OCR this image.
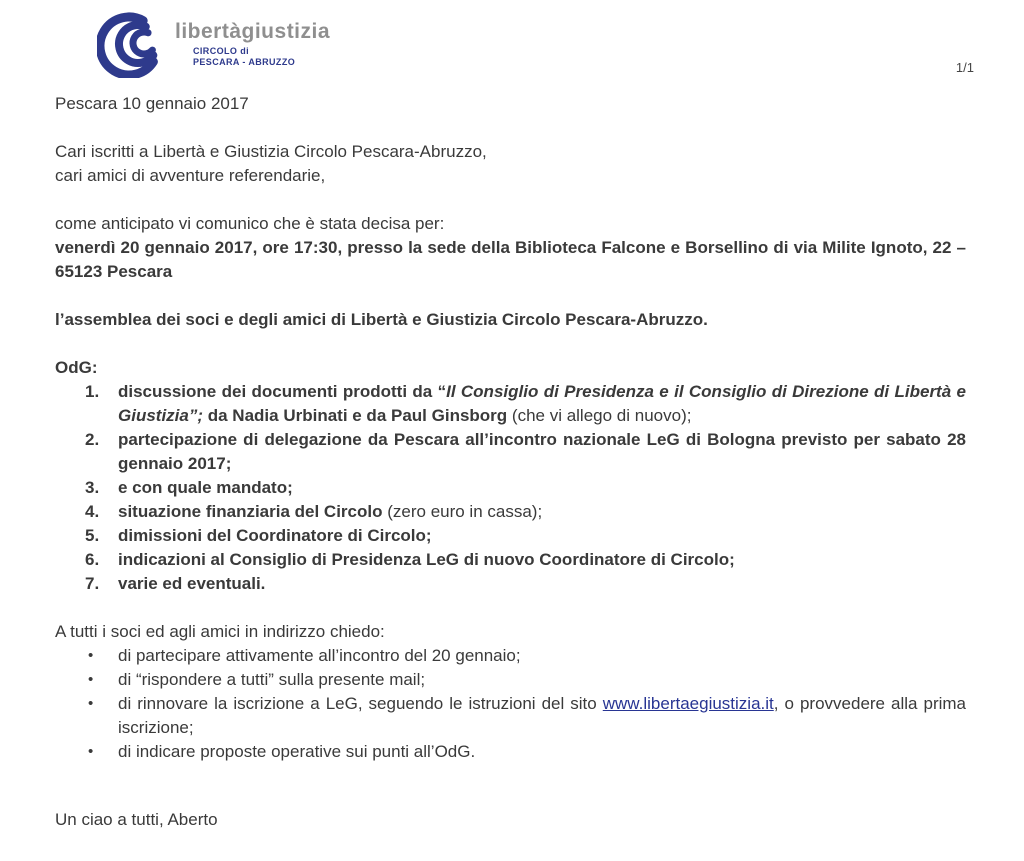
libertàgiustizia
CIRCOLO di
PESCARA - ABRUZZO	1/1
Pescara 10 gennaio 2017
Cari iscritti a Libertà e Giustizia Circolo Pescara-Abruzzo,
cari amici di avventure referendarie,
come anticipato vi comunico che è stata decisa per:
venerdì 20 gennaio 2017, ore 17:30, presso la sede della Biblioteca Falcone e Borsellino di via Milite Ignoto, 22 – 65123 Pescara
l’assemblea dei soci e degli amici di Libertà e Giustizia Circolo Pescara-Abruzzo.
OdG:
1.	discussione dei documenti prodotti da “Il Consiglio di Presidenza e il Consiglio di Direzione di Libertà e Giustizia”; da Nadia Urbinati e da Paul Ginsborg (che vi allego di nuovo);
2.	partecipazione di delegazione da Pescara all’incontro nazionale LeG di Bologna previsto per sabato 28 gennaio 2017;
3.	e con quale mandato;
4.	situazione finanziaria del Circolo (zero euro in cassa);
5.	dimissioni del Coordinatore di Circolo;
6.	indicazioni al Consiglio di Presidenza LeG di nuovo Coordinatore di Circolo;
7.	varie ed eventuali.
A tutti i soci ed agli amici in indirizzo chiedo:
•	di partecipare attivamente all’incontro del 20 gennaio;
•	di “rispondere a tutti” sulla presente mail;
•	di rinnovare la iscrizione a LeG, seguendo le istruzioni del sito www.libertaegiustizia.it, o provvedere alla prima iscrizione;
•	di indicare proposte operative sui punti all’OdG.
Un ciao a tutti, Aberto
